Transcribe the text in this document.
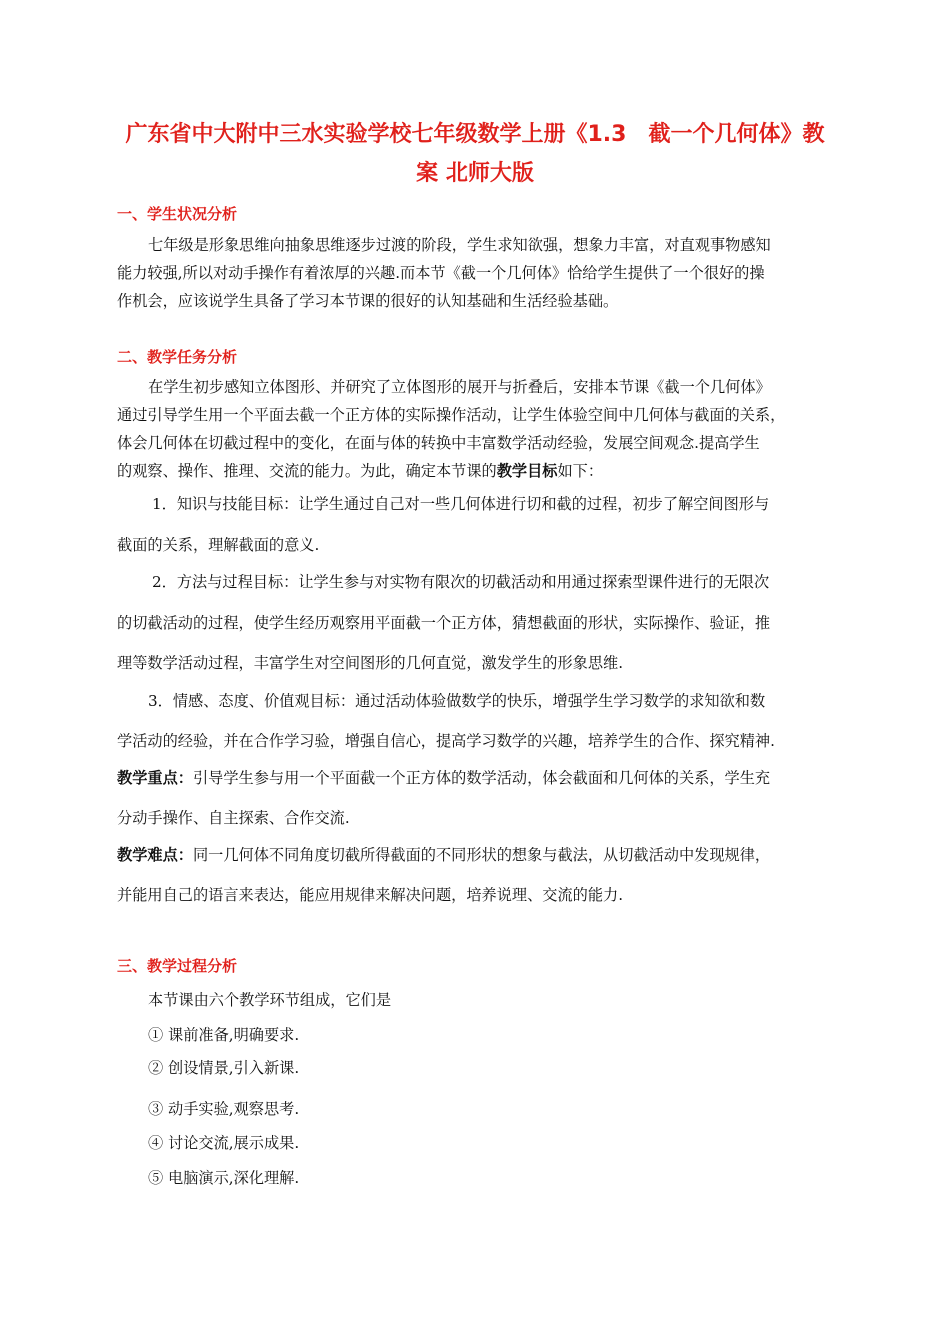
广东省中大附中三水实验学校七年级数学上册《1.3　截一个几何体》教
案 北师大版
一、学生状况分析
七年级是形象思维向抽象思维逐步过渡的阶段，学生求知欲强，想象力丰富，对直观事物感知
能力较强,所以对动手操作有着浓厚的兴趣.而本节《截一个几何体》恰给学生提供了一个很好的操
作机会，应该说学生具备了学习本节课的很好的认知基础和生活经验基础。
二、教学任务分析
在学生初步感知立体图形、并研究了立体图形的展开与折叠后，安排本节课《截一个几何体》
通过引导学生用一个平面去截一个正方体的实际操作活动，让学生体验空间中几何体与截面的关系，
体会几何体在切截过程中的变化，在面与体的转换中丰富数学活动经验，发展空间观念.提高学生
的观察、操作、推理、交流的能力。为此，确定本节课的教学目标如下：
1．知识与技能目标：让学生通过自己对一些几何体进行切和截的过程，初步了解空间图形与
截面的关系，理解截面的意义.
2．方法与过程目标：让学生参与对实物有限次的切截活动和用通过探索型课件进行的无限次
的切截活动的过程，使学生经历观察用平面截一个正方体，猜想截面的形状，实际操作、验证，推
理等数学活动过程，丰富学生对空间图形的几何直觉，激发学生的形象思维.
3．情感、态度、价值观目标：通过活动体验做数学的快乐，增强学生学习数学的求知欲和数
学活动的经验，并在合作学习验，增强自信心，提高学习数学的兴趣，培养学生的合作、探究精神.
教学重点：引导学生参与用一个平面截一个正方体的数学活动，体会截面和几何体的关系，学生充
分动手操作、自主探索、合作交流.
教学难点：同一几何体不同角度切截所得截面的不同形状的想象与截法，从切截活动中发现规律，
并能用自己的语言来表达，能应用规律来解决问题，培养说理、交流的能力.
三、教学过程分析
本节课由六个教学环节组成，它们是
① 课前准备,明确要求.
② 创设情景,引入新课.
③ 动手实验,观察思考.
④ 讨论交流,展示成果.
⑤ 电脑演示,深化理解.
